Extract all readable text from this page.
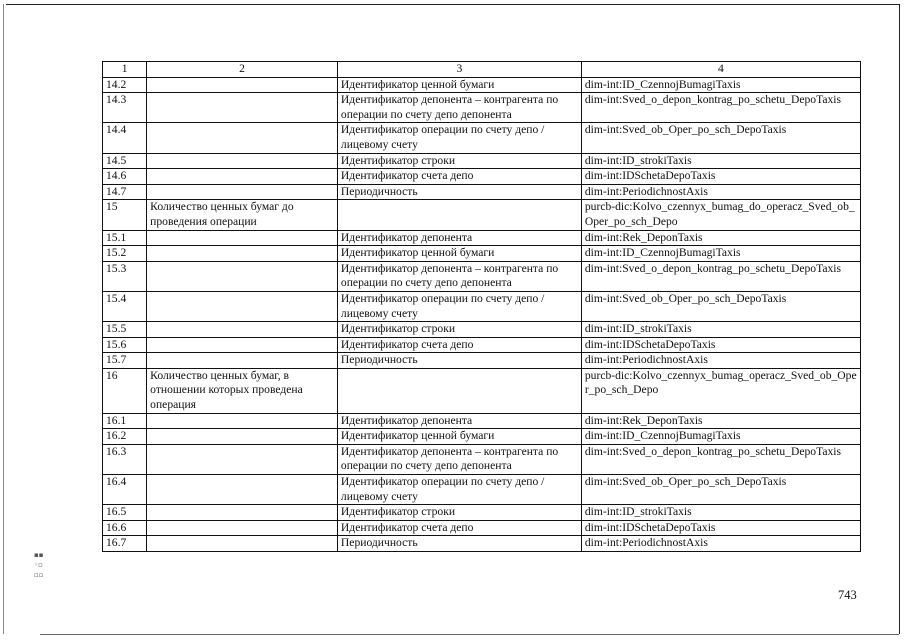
▪▪
◦▫
▫▫
1	2	3	4
14.2		Идентификатор ценной бумаги	dim-int:ID_CzennojBumagiTaxis
14.3		Идентификатор депонента – контрагента по операции по счету депо депонента	dim-int:Sved_o_depon_kontrag_po_schetu_DepoTaxis
14.4		Идентификатор операции по счету депо / лицевому счету	dim-int:Sved_ob_Oper_po_sch_DepoTaxis
14.5		Идентификатор строки	dim-int:ID_strokiTaxis
14.6		Идентификатор счета депо	dim-int:IDSchetaDepoTaxis
14.7		Периодичность	dim-int:PeriodichnostAxis
15	Количество ценных бумаг до проведения операции		purcb-dic:Kolvo_czennyx_bumag_do_operacz_Sved_ob_Oper_po_sch_Depo
15.1		Идентификатор депонента	dim-int:Rek_DeponTaxis
15.2		Идентификатор ценной бумаги	dim-int:ID_CzennojBumagiTaxis
15.3		Идентификатор депонента – контрагента по операции по счету депо депонента	dim-int:Sved_o_depon_kontrag_po_schetu_DepoTaxis
15.4		Идентификатор операции по счету депо / лицевому счету	dim-int:Sved_ob_Oper_po_sch_DepoTaxis
15.5		Идентификатор строки	dim-int:ID_strokiTaxis
15.6		Идентификатор счета депо	dim-int:IDSchetaDepoTaxis
15.7		Периодичность	dim-int:PeriodichnostAxis
16	Количество ценных бумаг, в отношении которых проведена операция		purcb-dic:Kolvo_czennyx_bumag_operacz_Sved_ob_Oper_po_sch_Depo
16.1		Идентификатор депонента	dim-int:Rek_DeponTaxis
16.2		Идентификатор ценной бумаги	dim-int:ID_CzennojBumagiTaxis
16.3		Идентификатор депонента – контрагента по операции по счету депо депонента	dim-int:Sved_o_depon_kontrag_po_schetu_DepoTaxis
16.4		Идентификатор операции по счету депо / лицевому счету	dim-int:Sved_ob_Oper_po_sch_DepoTaxis
16.5		Идентификатор строки	dim-int:ID_strokiTaxis
16.6		Идентификатор счета депо	dim-int:IDSchetaDepoTaxis
16.7		Периодичность	dim-int:PeriodichnostAxis
743
